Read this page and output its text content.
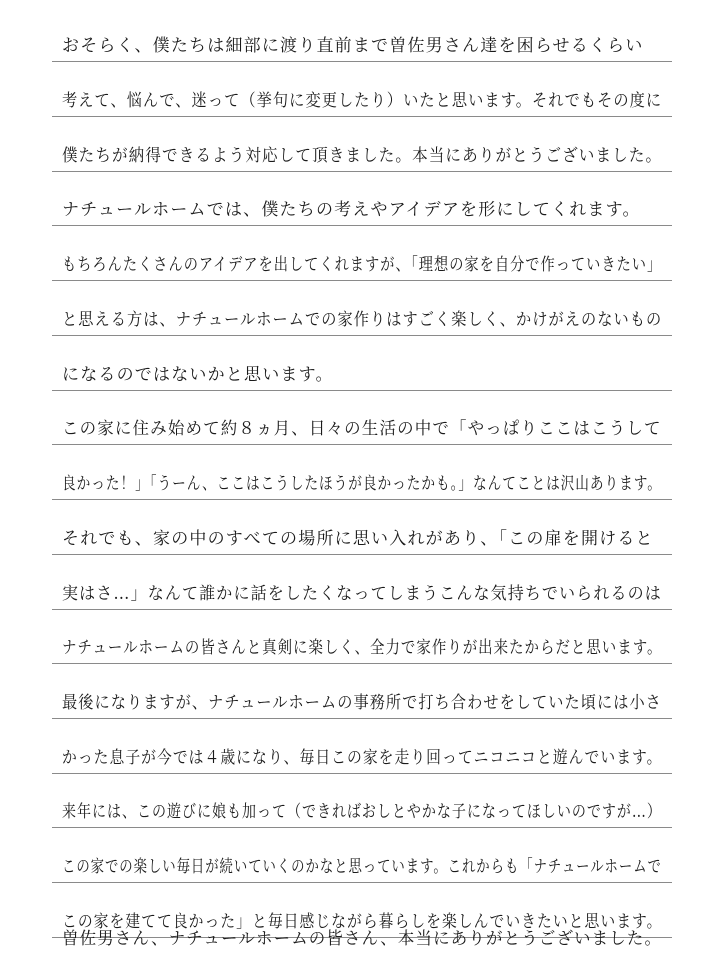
おそらく、僕たちは細部に渡り直前まで曽佐男さん達を困らせるくらい
考えて、悩んで、迷って（挙句に変更したり）いたと思います。それでもその度に
僕たちが納得できるよう対応して頂きました。本当にありがとうございました。
ナチュールホームでは、僕たちの考えやアイデアを形にしてくれます。
もちろんたくさんのアイデアを出してくれますが、「理想の家を自分で作っていきたい」
と思える方は、ナチュールホームでの家作りはすごく楽しく、かけがえのないもの
になるのではないかと思います。
この家に住み始めて約８ヵ月、日々の生活の中で「やっぱりここはこうして
良かった！」「うーん、ここはこうしたほうが良かったかも。」なんてことは沢山あります。
それでも、家の中のすべての場所に思い入れがあり、「この扉を開けると
実はさ…」なんて誰かに話をしたくなってしまうこんな気持ちでいられるのは
ナチュールホームの皆さんと真剣に楽しく、全力で家作りが出来たからだと思います。
最後になりますが、ナチュールホームの事務所で打ち合わせをしていた頃には小さ
かった息子が今では４歳になり、毎日この家を走り回ってニコニコと遊んでいます。
来年には、この遊びに娘も加って（できればおしとやかな子になってほしいのですが…）
この家での楽しい毎日が続いていくのかなと思っています。これからも「ナチュールホームで
この家を建てて良かった」と毎日感じながら暮らしを楽しんでいきたいと思います。
曽佐男さん、ナチュールホームの皆さん、本当にありがとうございました。
